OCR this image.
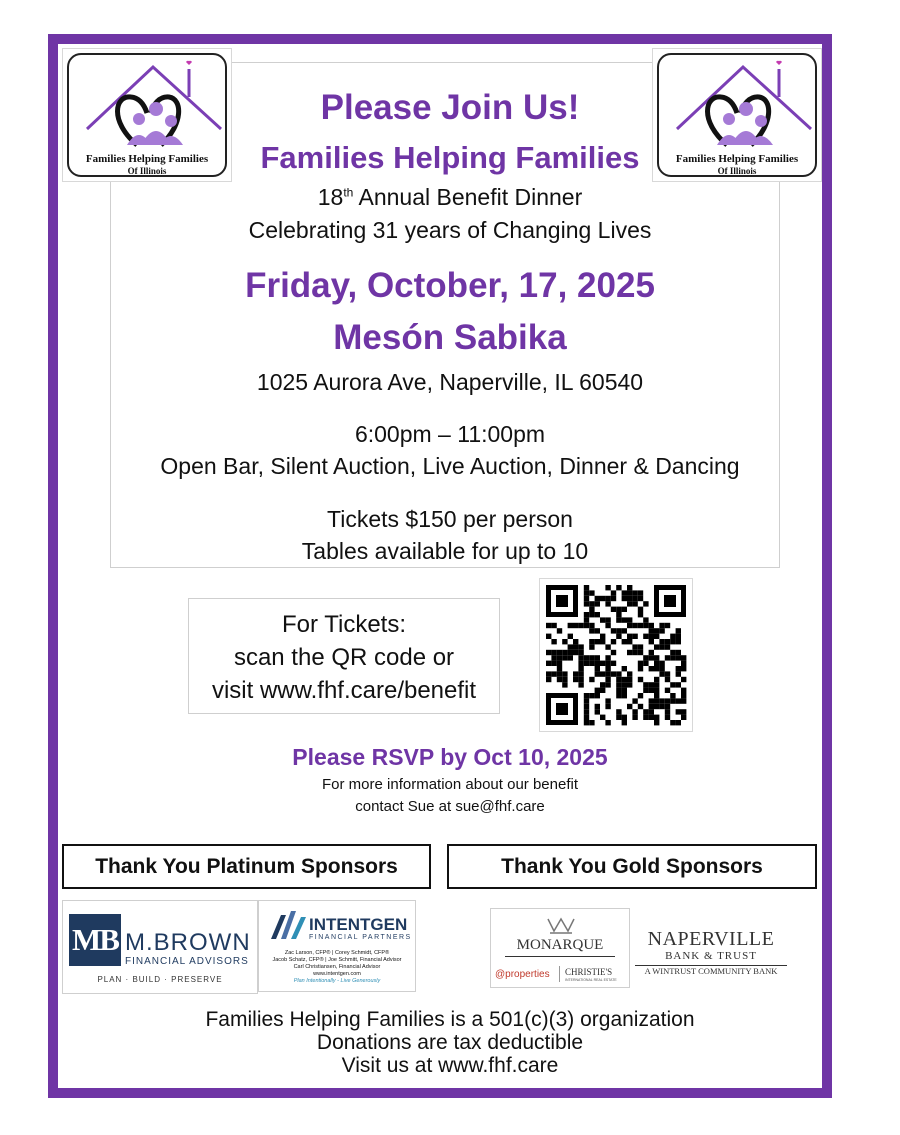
Families Helping Families
Of Illinois
Families Helping Families
Of Illinois
Please Join Us!
Families Helping Families
18th Annual Benefit Dinner
Celebrating 31 years of Changing Lives
Friday, October, 17, 2025
Mesón Sabika
1025 Aurora Ave, Naperville, IL 60540
6:00pm – 11:00pm
Open Bar, Silent Auction, Live Auction, Dinner & Dancing
Tickets $150 per person
Tables available for up to 10
For Tickets:
scan the QR code or
visit www.fhf.care/benefit
Please RSVP by Oct 10, 2025
For more information about our benefit
contact Sue at sue@fhf.care
Thank You Platinum Sponsors	Thank You Gold Sponsors
MB M.BROWN
FINANCIAL ADVISORS
PLAN · BUILD · PRESERVE
INTENTGEN
FINANCIAL PARTNERS
Zac Larson, CFP® | Corey Schmidt, CFP®
Jacob Schatz, CFP® | Joe Schmitt, Financial Advisor
Carl Christiansen, Financial Advisor
www.intentgen.com
Plan Intentionally - Live Generously
MONARQUE
@properties CHRISTIE'S
INTERNATIONAL REAL ESTATE
NAPERVILLE
BANK & TRUST
A WINTRUST COMMUNITY BANK
Families Helping Families is a 501(c)(3) organization
Donations are tax deductible
Visit us at www.fhf.care
